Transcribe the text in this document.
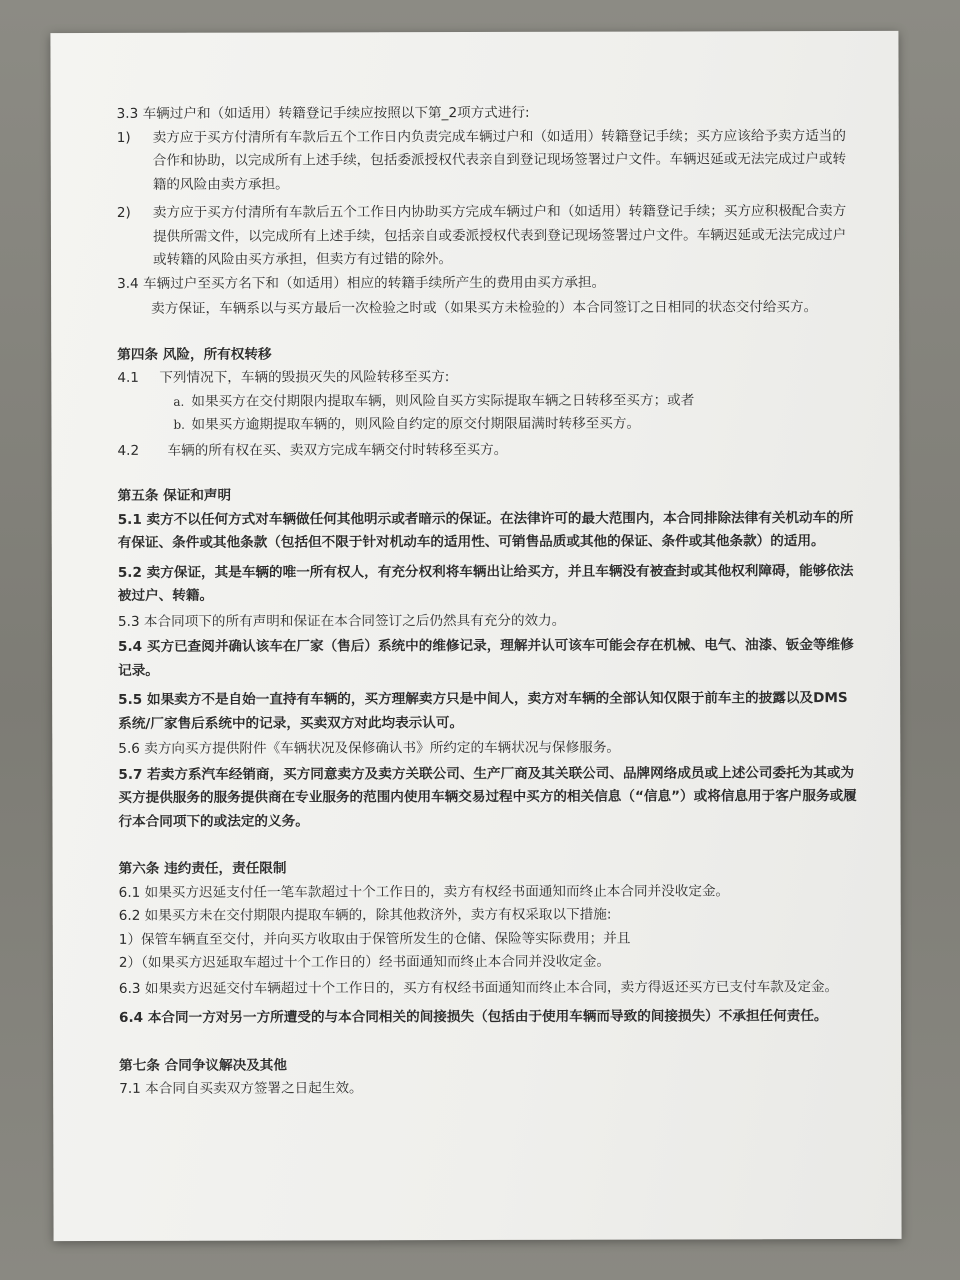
3.3 车辆过户和（如适用）转籍登记手续应按照以下第_2项方式进行:

1)	卖方应于买方付清所有车款后五个工作日内负责完成车辆过户和（如适用）转籍登记手续；买方应该给予卖方适当的合作和协助，以完成所有上述手续，包括委派授权代表亲自到登记现场签署过户文件。车辆迟延或无法完成过户或转籍的风险由卖方承担。
2)	卖方应于买方付清所有车款后五个工作日内协助买方完成车辆过户和（如适用）转籍登记手续；买方应积极配合卖方提供所需文件，以完成所有上述手续，包括亲自或委派授权代表到登记现场签署过户文件。车辆迟延或无法完成过户或转籍的风险由买方承担，但卖方有过错的除外。

3.4 车辆过户至买方名下和（如适用）相应的转籍手续所产生的费用由买方承担。

卖方保证，车辆系以与买方最后一次检验之时或（如果买方未检验的）本合同签订之日相同的状态交付给买方。

第四条 风险，所有权转移

4.1	下列情况下，车辆的毁损灭失的风险转移至买方:
a. 如果买方在交付期限内提取车辆，则风险自买方实际提取车辆之日转移至买方；或者
b. 如果买方逾期提取车辆的，则风险自约定的原交付期限届满时转移至买方。
4.2	车辆的所有权在买、卖双方完成车辆交付时转移至买方。

第五条 保证和声明

5.1 卖方不以任何方式对车辆做任何其他明示或者暗示的保证。在法律许可的最大范围内，本合同排除法律有关机动车的所有保证、条件或其他条款（包括但不限于针对机动车的适用性、可销售品质或其他的保证、条件或其他条款）的适用。

5.2 卖方保证，其是车辆的唯一所有权人，有充分权利将车辆出让给买方，并且车辆没有被查封或其他权利障碍，能够依法被过户、转籍。

5.3 本合同项下的所有声明和保证在本合同签订之后仍然具有充分的效力。

5.4 买方已查阅并确认该车在厂家（售后）系统中的维修记录，理解并认可该车可能会存在机械、电气、油漆、钣金等维修记录。

5.5 如果卖方不是自始一直持有车辆的，买方理解卖方只是中间人，卖方对车辆的全部认知仅限于前车主的披露以及DMS系统/厂家售后系统中的记录，买卖双方对此均表示认可。

5.6 卖方向买方提供附件《车辆状况及保修确认书》所约定的车辆状况与保修服务。

5.7 若卖方系汽车经销商，买方同意卖方及卖方关联公司、生产厂商及其关联公司、品牌网络成员或上述公司委托为其或为买方提供服务的服务提供商在专业服务的范围内使用车辆交易过程中买方的相关信息（“信息”）或将信息用于客户服务或履行本合同项下的或法定的义务。

第六条 违约责任，责任限制

6.1 如果买方迟延支付任一笔车款超过十个工作日的，卖方有权经书面通知而终止本合同并没收定金。

6.2 如果买方未在交付期限内提取车辆的，除其他救济外，卖方有权采取以下措施:

1）保管车辆直至交付，并向买方收取由于保管所发生的仓储、保险等实际费用；并且

2）（如果买方迟延取车超过十个工作日的）经书面通知而终止本合同并没收定金。

6.3 如果卖方迟延交付车辆超过十个工作日的，买方有权经书面通知而终止本合同，卖方得返还买方已支付车款及定金。

6.4 本合同一方对另一方所遭受的与本合同相关的间接损失（包括由于使用车辆而导致的间接损失）不承担任何责任。

第七条 合同争议解决及其他

7.1 本合同自买卖双方签署之日起生效。
